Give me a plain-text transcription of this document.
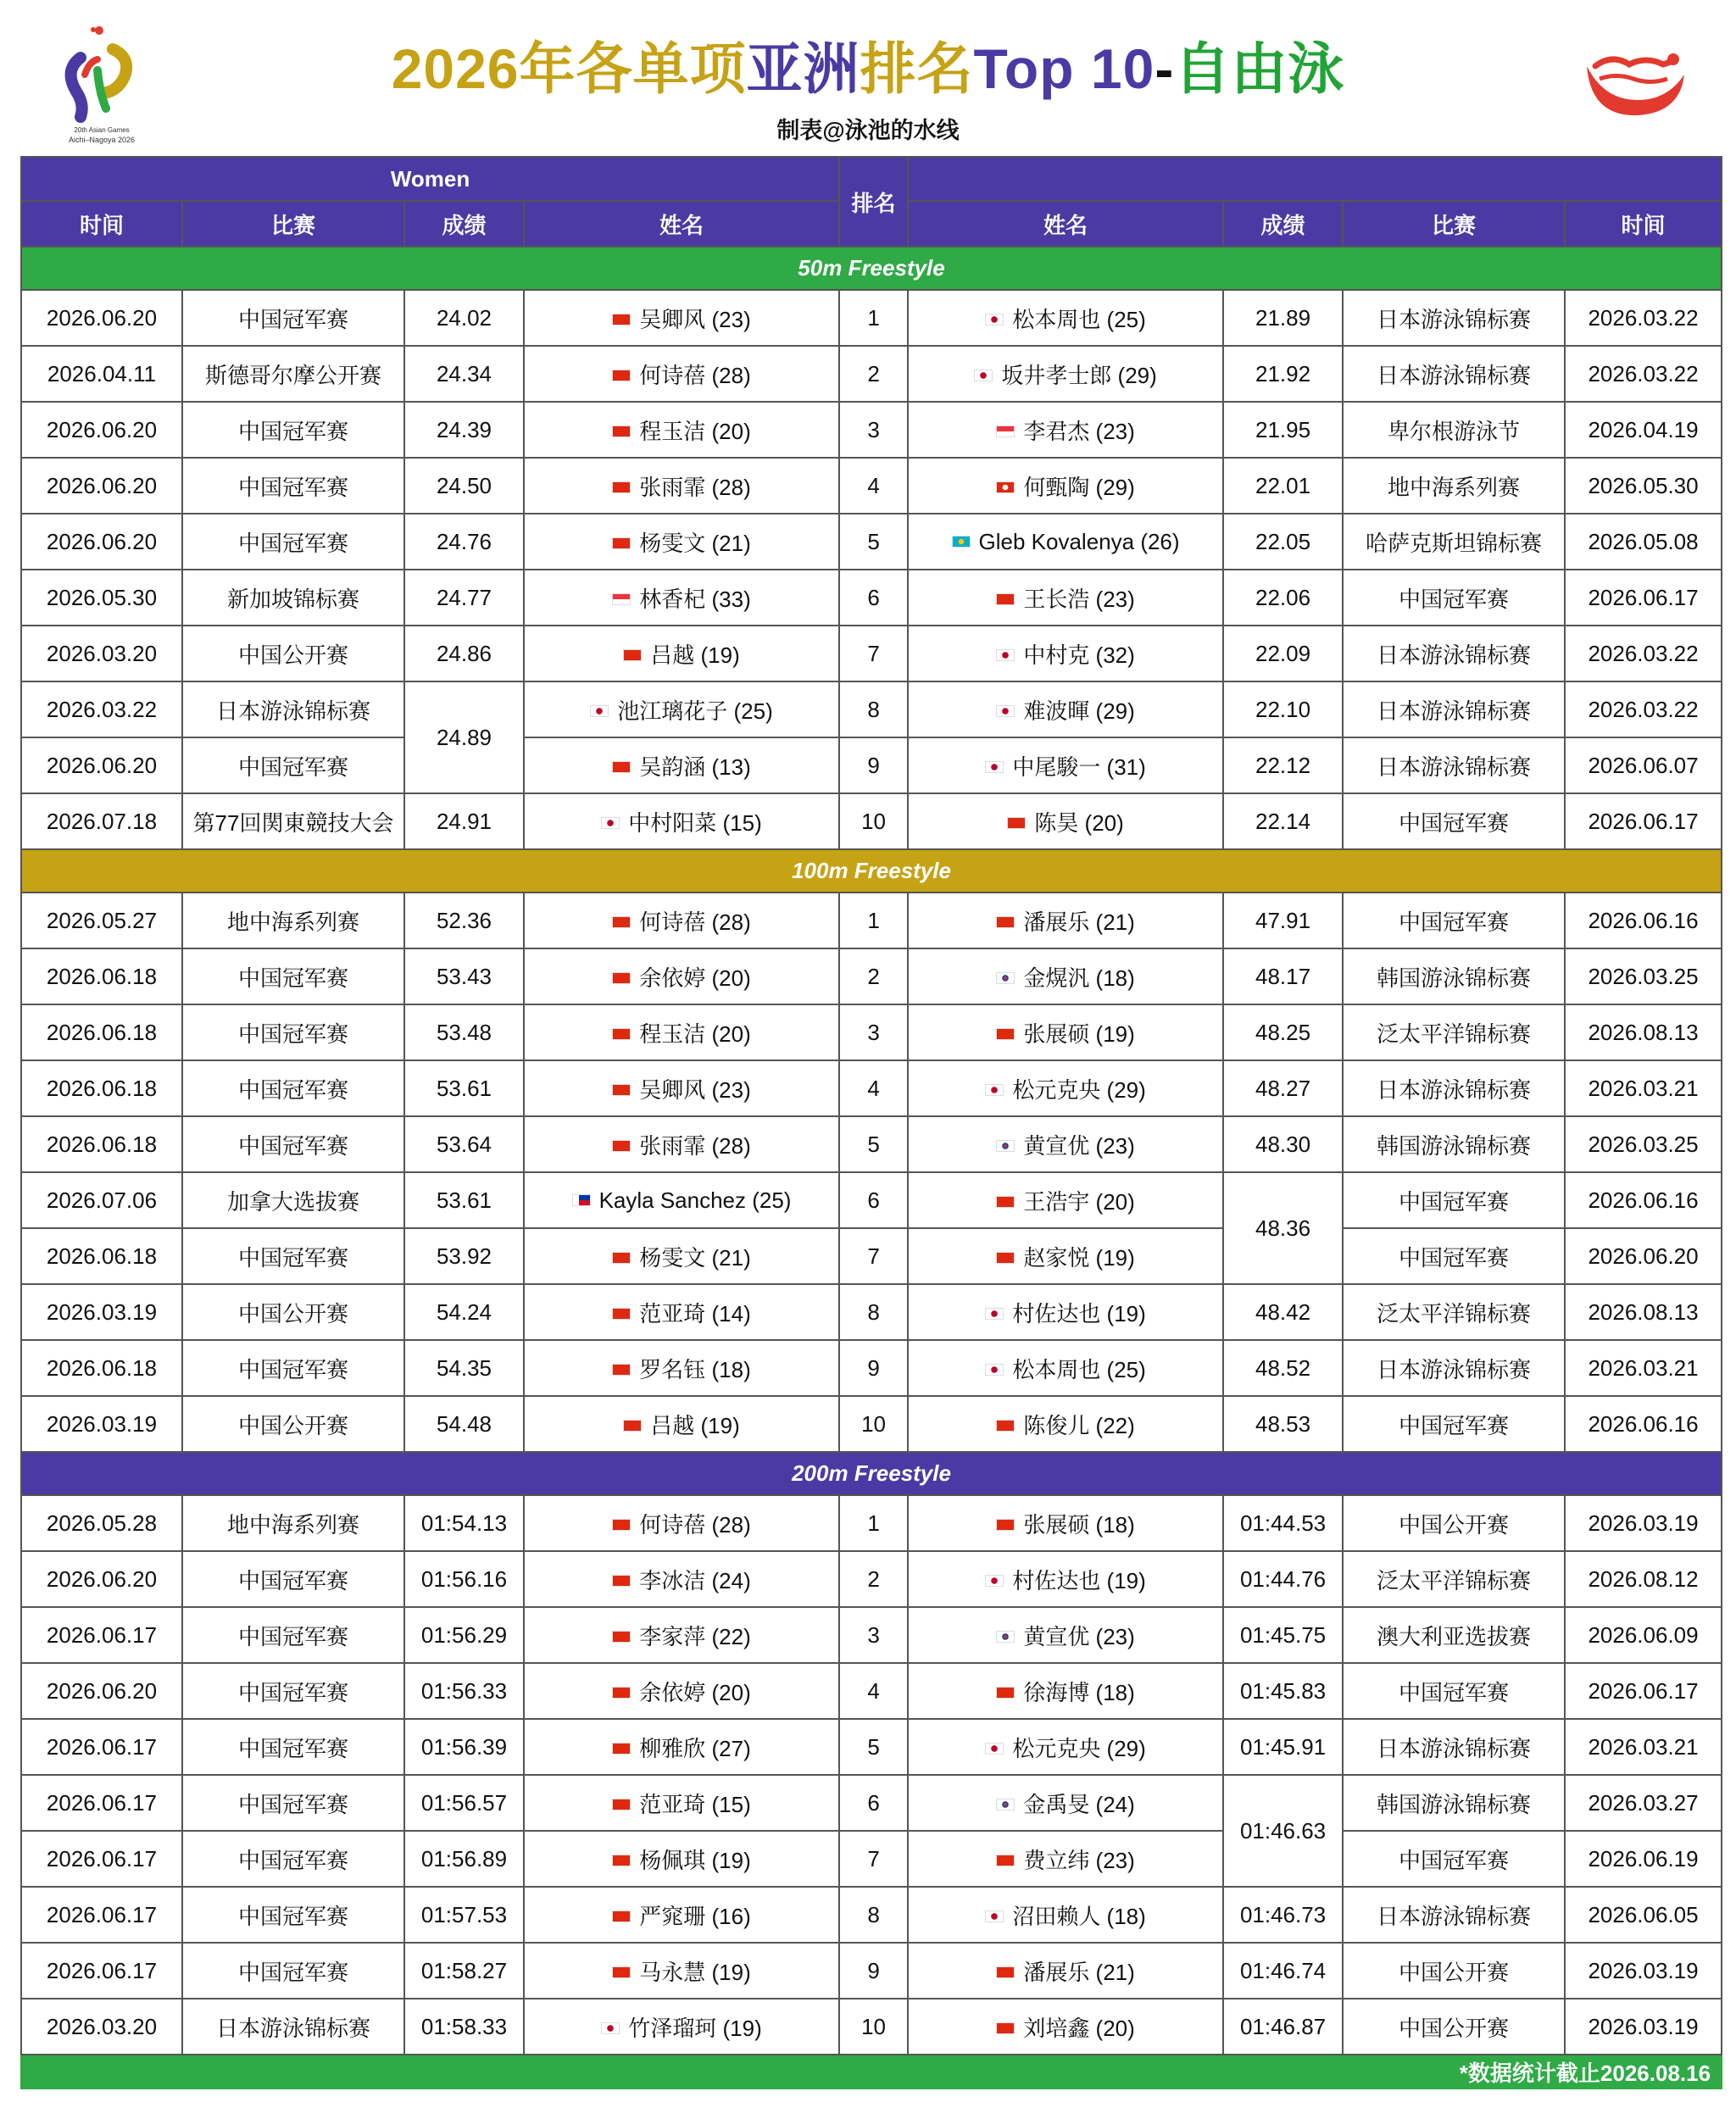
20th Asian Games
Aichi–Nagoya 2026
2026年各单项亚洲排名Top 10-自由泳
制表@泳池的水线
Women				排名				
时间	比赛	成绩	姓名		姓名	成绩	比赛	时间
50m Freestyle								
2026.06.20	中国冠军赛	24.02	吴卿风 (23)	1	松本周也 (25)	21.89	日本游泳锦标赛	2026.03.22
2026.04.11	斯德哥尔摩公开赛	24.34	何诗蓓 (28)	2	坂井孝士郎 (29)	21.92	日本游泳锦标赛	2026.03.22
2026.06.20	中国冠军赛	24.39	程玉洁 (20)	3	李君杰 (23)	21.95	卑尔根游泳节	2026.04.19
2026.06.20	中国冠军赛	24.50	张雨霏 (28)	4	何甄陶 (29)	22.01	地中海系列赛	2026.05.30
2026.06.20	中国冠军赛	24.76	杨雯文 (21)	5	Gleb Kovalenya (26)	22.05	哈萨克斯坦锦标赛	2026.05.08
2026.05.30	新加坡锦标赛	24.77	林香杞 (33)	6	王长浩 (23)	22.06	中国冠军赛	2026.06.17
2026.03.20	中国公开赛	24.86	吕越 (19)	7	中村克 (32)	22.09	日本游泳锦标赛	2026.03.22
2026.03.22	日本游泳锦标赛	24.89	池江璃花子 (25)	8	难波暉 (29)	22.10	日本游泳锦标赛	2026.03.22
2026.06.20	中国冠军赛		吴韵涵 (13)	9	中尾駿一 (31)	22.12	日本游泳锦标赛	2026.06.07
2026.07.18	第77回関東競技大会	24.91	中村阳菜 (15)	10	陈昊 (20)	22.14	中国冠军赛	2026.06.17
100m Freestyle								
2026.05.27	地中海系列赛	52.36	何诗蓓 (28)	1	潘展乐 (21)	47.91	中国冠军赛	2026.06.16
2026.06.18	中国冠军赛	53.43	余依婷 (20)	2	金熀汎 (18)	48.17	韩国游泳锦标赛	2026.03.25
2026.06.18	中国冠军赛	53.48	程玉洁 (20)	3	张展硕 (19)	48.25	泛太平洋锦标赛	2026.08.13
2026.06.18	中国冠军赛	53.61	吴卿风 (23)	4	松元克央 (29)	48.27	日本游泳锦标赛	2026.03.21
2026.06.18	中国冠军赛	53.64	张雨霏 (28)	5	黄宣优 (23)	48.30	韩国游泳锦标赛	2026.03.25
2026.07.06	加拿大选拔赛	53.61	Kayla Sanchez (25)	6	王浩宇 (20)	48.36	中国冠军赛	2026.06.16
2026.06.18	中国冠军赛	53.92	杨雯文 (21)	7	赵家悦 (19)		中国冠军赛	2026.06.20
2026.03.19	中国公开赛	54.24	范亚琦 (14)	8	村佐达也 (19)	48.42	泛太平洋锦标赛	2026.08.13
2026.06.18	中国冠军赛	54.35	罗名钰 (18)	9	松本周也 (25)	48.52	日本游泳锦标赛	2026.03.21
2026.03.19	中国公开赛	54.48	吕越 (19)	10	陈俊儿 (22)	48.53	中国冠军赛	2026.06.16
200m Freestyle								
2026.05.28	地中海系列赛	01:54.13	何诗蓓 (28)	1	张展硕 (18)	01:44.53	中国公开赛	2026.03.19
2026.06.20	中国冠军赛	01:56.16	李冰洁 (24)	2	村佐达也 (19)	01:44.76	泛太平洋锦标赛	2026.08.12
2026.06.17	中国冠军赛	01:56.29	李家萍 (22)	3	黄宣优 (23)	01:45.75	澳大利亚选拔赛	2026.06.09
2026.06.20	中国冠军赛	01:56.33	余依婷 (20)	4	徐海博 (18)	01:45.83	中国冠军赛	2026.06.17
2026.06.17	中国冠军赛	01:56.39	柳雅欣 (27)	5	松元克央 (29)	01:45.91	日本游泳锦标赛	2026.03.21
2026.06.17	中国冠军赛	01:56.57	范亚琦 (15)	6	金禹旻 (24)	01:46.63	韩国游泳锦标赛	2026.03.27
2026.06.17	中国冠军赛	01:56.89	杨佩琪 (19)	7	费立纬 (23)		中国冠军赛	2026.06.19
2026.06.17	中国冠军赛	01:57.53	严窕珊 (16)	8	沼田赖人 (18)	01:46.73	日本游泳锦标赛	2026.06.05
2026.06.17	中国冠军赛	01:58.27	马永慧 (19)	9	潘展乐 (21)	01:46.74	中国公开赛	2026.03.19
2026.03.20	日本游泳锦标赛	01:58.33	竹泽瑠珂 (19)	10	刘培鑫 (20)	01:46.87	中国公开赛	2026.03.19
*数据统计截止2026.08.16								
